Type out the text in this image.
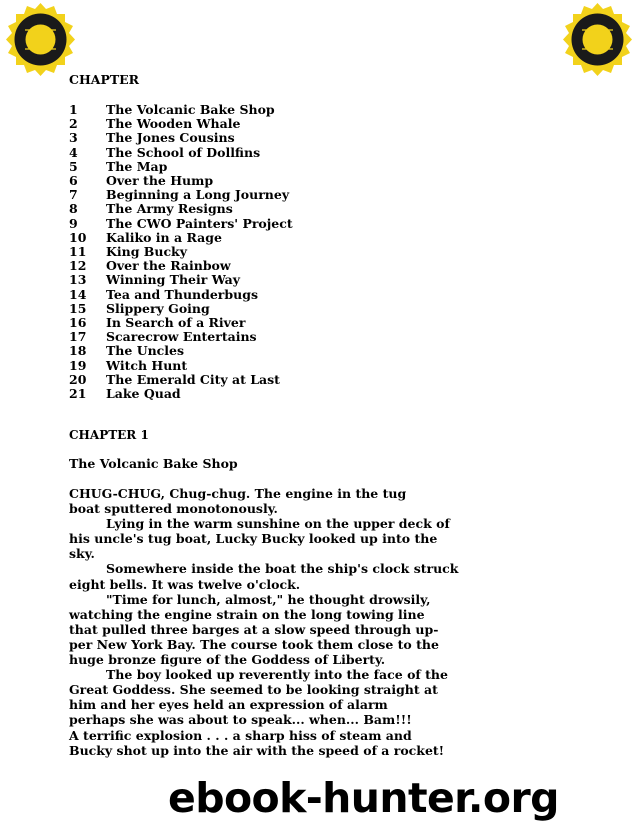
CHAPTER
1	The Volcanic Bake Shop
2	The Wooden Whale
3	The Jones Cousins
4	The School of Dollfins
5	The Map
6	Over the Hump
7	Beginning a Long Journey
8	The Army Resigns
9	The CWO Painters' Project
10	Kaliko in a Rage
11	King Bucky
12	Over the Rainbow
13	Winning Their Way
14	Tea and Thunderbugs
15	Slippery Going
16	In Search of a River
17	Scarecrow Entertains
18	The Uncles
19	Witch Hunt
20	The Emerald City at Last
21	Lake Quad
CHAPTER 1
The Volcanic Bake Shop
CHUG-CHUG, Chug-chug. The engine in the tug
boat sputtered monotonously.
Lying in the warm sunshine on the upper deck of
his uncle's tug boat, Lucky Bucky looked up into the
sky.
Somewhere inside the boat the ship's clock struck
eight bells. It was twelve o'clock.
"Time for lunch, almost," he thought drowsily,
watching the engine strain on the long towing line
that pulled three barges at a slow speed through up-
per New York Bay. The course took them close to the
huge bronze figure of the Goddess of Liberty.
The boy looked up reverently into the face of the
Great Goddess. She seemed to be looking straight at
him and her eyes held an expression of alarm
perhaps she was about to speak... when... Bam!!!
A terrific explosion . . . a sharp hiss of steam and
Bucky shot up into the air with the speed of a rocket!
ebook-hunter.org
